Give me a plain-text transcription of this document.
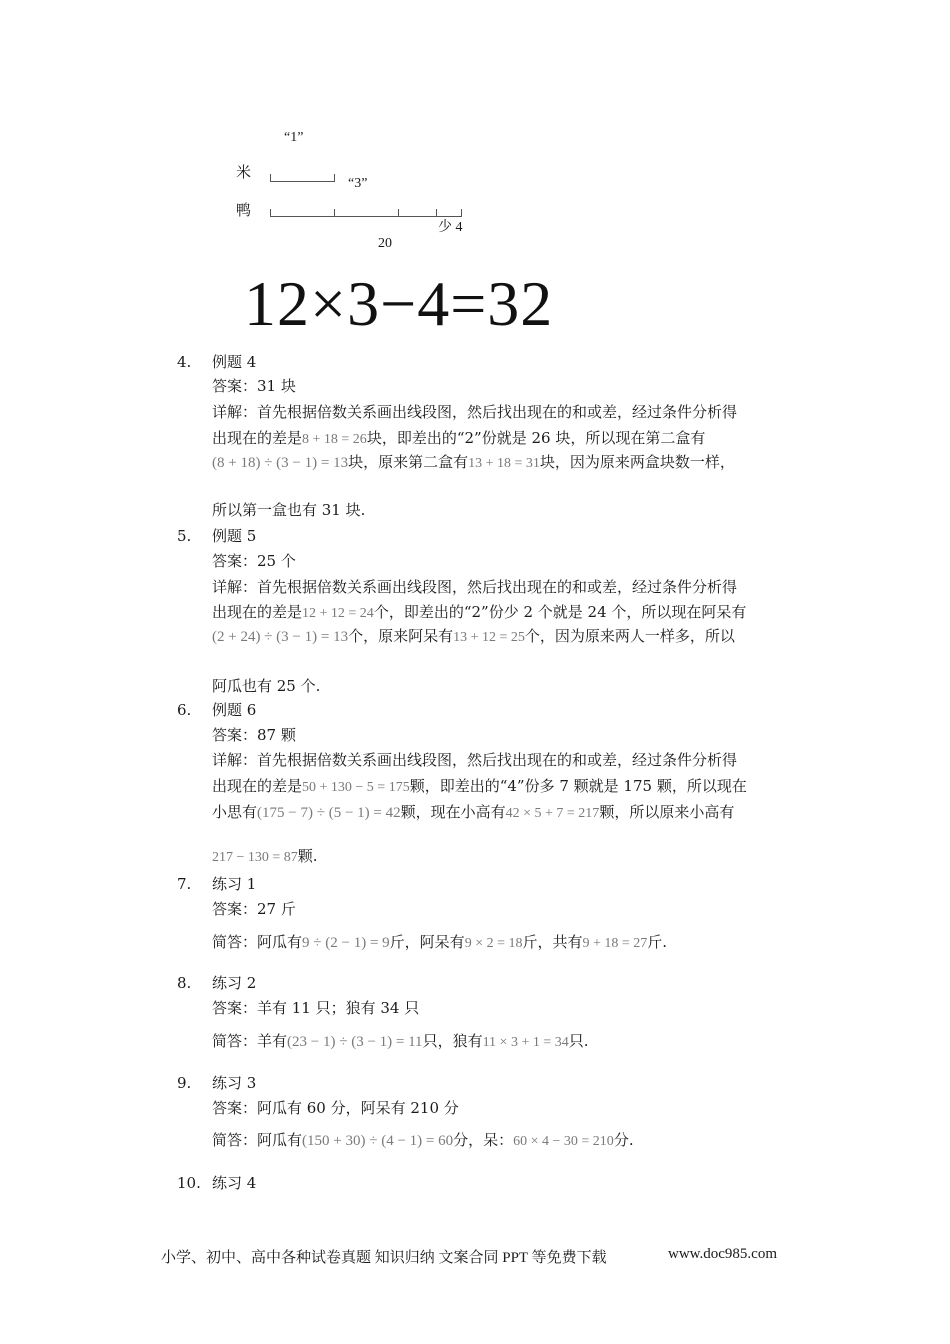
“1”
米
“3”
鸭
少 4
20
12×3−4=32
4. 例题 4
答案：31 块
详解：首先根据倍数关系画出线段图，然后找出现在的和或差，经过条件分析得
出现在的差是8 + 18 = 26块，即差出的“2”份就是 26 块，所以现在第二盒有
(8 + 18) ÷ (3 − 1) = 13块，原来第二盒有13 + 18 = 31块，因为原来两盒块数一样，
所以第一盒也有 31 块.
5. 例题 5
答案：25 个
详解：首先根据倍数关系画出线段图，然后找出现在的和或差，经过条件分析得
出现在的差是12 + 12 = 24个，即差出的“2”份少 2 个就是 24 个，所以现在阿呆有
(2 + 24) ÷ (3 − 1) = 13个，原来阿呆有13 + 12 = 25个，因为原来两人一样多，所以
阿瓜也有 25 个.
6. 例题 6
答案：87 颗
详解：首先根据倍数关系画出线段图，然后找出现在的和或差，经过条件分析得
出现在的差是50 + 130 − 5 = 175颗，即差出的“4”份多 7 颗就是 175 颗，所以现在
小思有(175 − 7) ÷ (5 − 1) = 42颗，现在小高有42 × 5 + 7 = 217颗，所以原来小高有
217 − 130 = 87颗.
7. 练习 1
答案：27 斤
简答：阿瓜有9 ÷ (2 − 1) = 9斤，阿呆有9 × 2 = 18斤，共有9 + 18 = 27斤.
8. 练习 2
答案：羊有 11 只；狼有 34 只
简答：羊有(23 − 1) ÷ (3 − 1) = 11只，狼有11 × 3 + 1 = 34只.
9. 练习 3
答案：阿瓜有 60 分，阿呆有 210 分
简答：阿瓜有(150 + 30) ÷ (4 − 1) = 60分，呆：60 × 4 − 30 = 210分.
10. 练习 4
小学、初中、高中各种试卷真题 知识归纳 文案合同 PPT 等免费下载	www.doc985.com
